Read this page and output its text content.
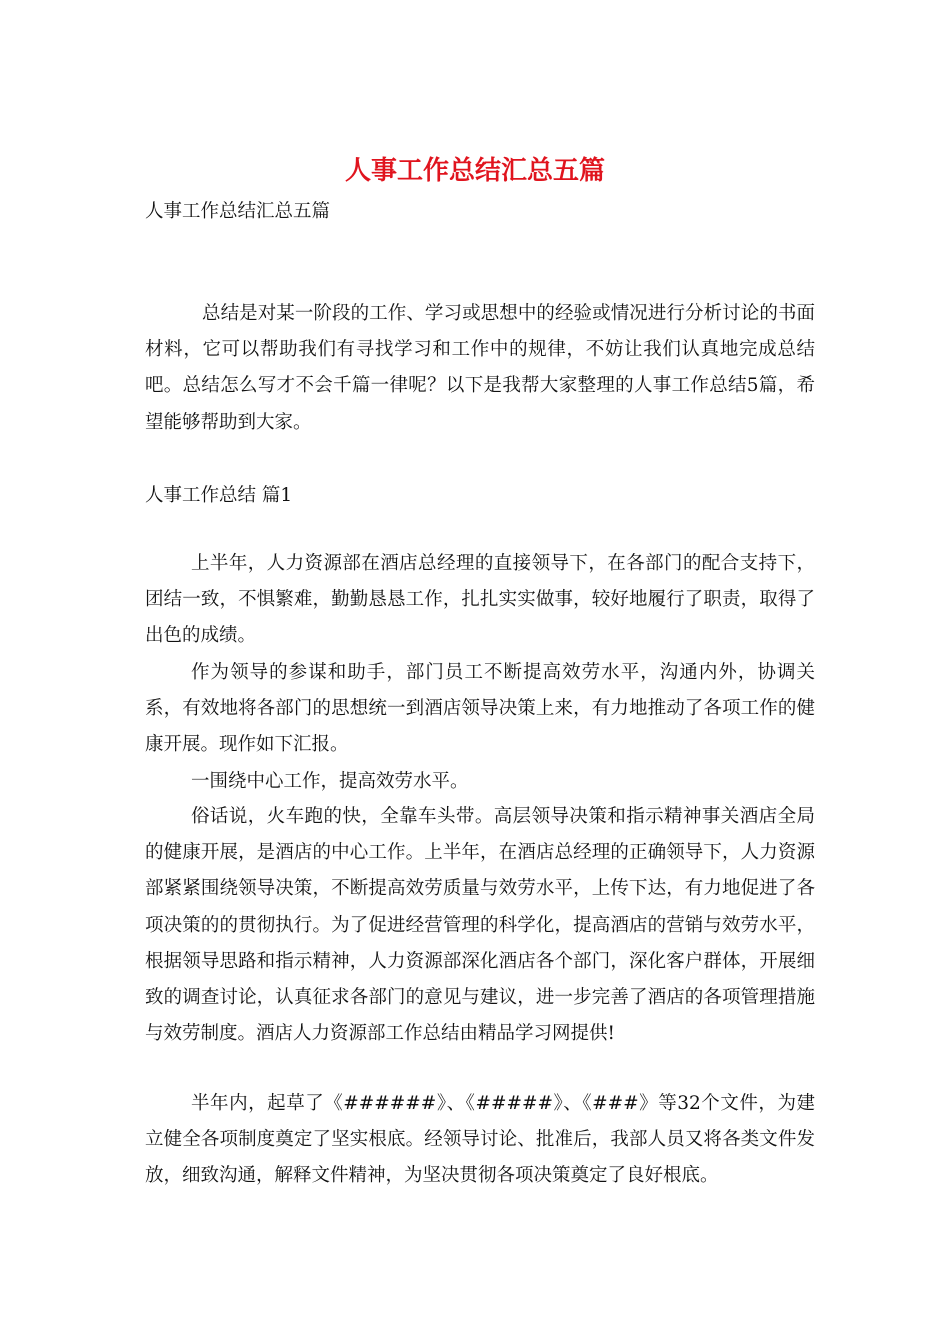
人事工作总结汇总五篇

人事工作总结汇总五篇

总结是对某一阶段的工作、学习或思想中的经验或情况进行分析讨论的书面材料，它可以帮助我们有寻找学习和工作中的规律，不妨让我们认真地完成总结吧。总结怎么写才不会千篇一律呢？以下是我帮大家整理的人事工作总结5篇，希望能够帮助到大家。

人事工作总结 篇1

上半年，人力资源部在酒店总经理的直接领导下，在各部门的配合支持下，团结一致，不惧繁难，勤勤恳恳工作，扎扎实实做事，较好地履行了职责，取得了出色的成绩。

作为领导的参谋和助手，部门员工不断提高效劳水平，沟通内外，协调关系，有效地将各部门的思想统一到酒店领导决策上来，有力地推动了各项工作的健康开展。现作如下汇报。

一围绕中心工作，提高效劳水平。

俗话说，火车跑的快，全靠车头带。高层领导决策和指示精神事关酒店全局的健康开展，是酒店的中心工作。上半年，在酒店总经理的正确领导下，人力资源部紧紧围绕领导决策，不断提高效劳质量与效劳水平，上传下达，有力地促进了各项决策的的贯彻执行。为了促进经营管理的科学化，提高酒店的营销与效劳水平，根据领导思路和指示精神，人力资源部深化酒店各个部门，深化客户群体，开展细致的调查讨论，认真征求各部门的意见与建议，进一步完善了酒店的各项管理措施与效劳制度。酒店人力资源部工作总结由精品学习网提供!

半年内，起草了《######》、《#####》、《###》等32个文件，为建立健全各项制度奠定了坚实根底。经领导讨论、批准后，我部人员又将各类文件发放，细致沟通，解释文件精神，为坚决贯彻各项决策奠定了良好根底。
